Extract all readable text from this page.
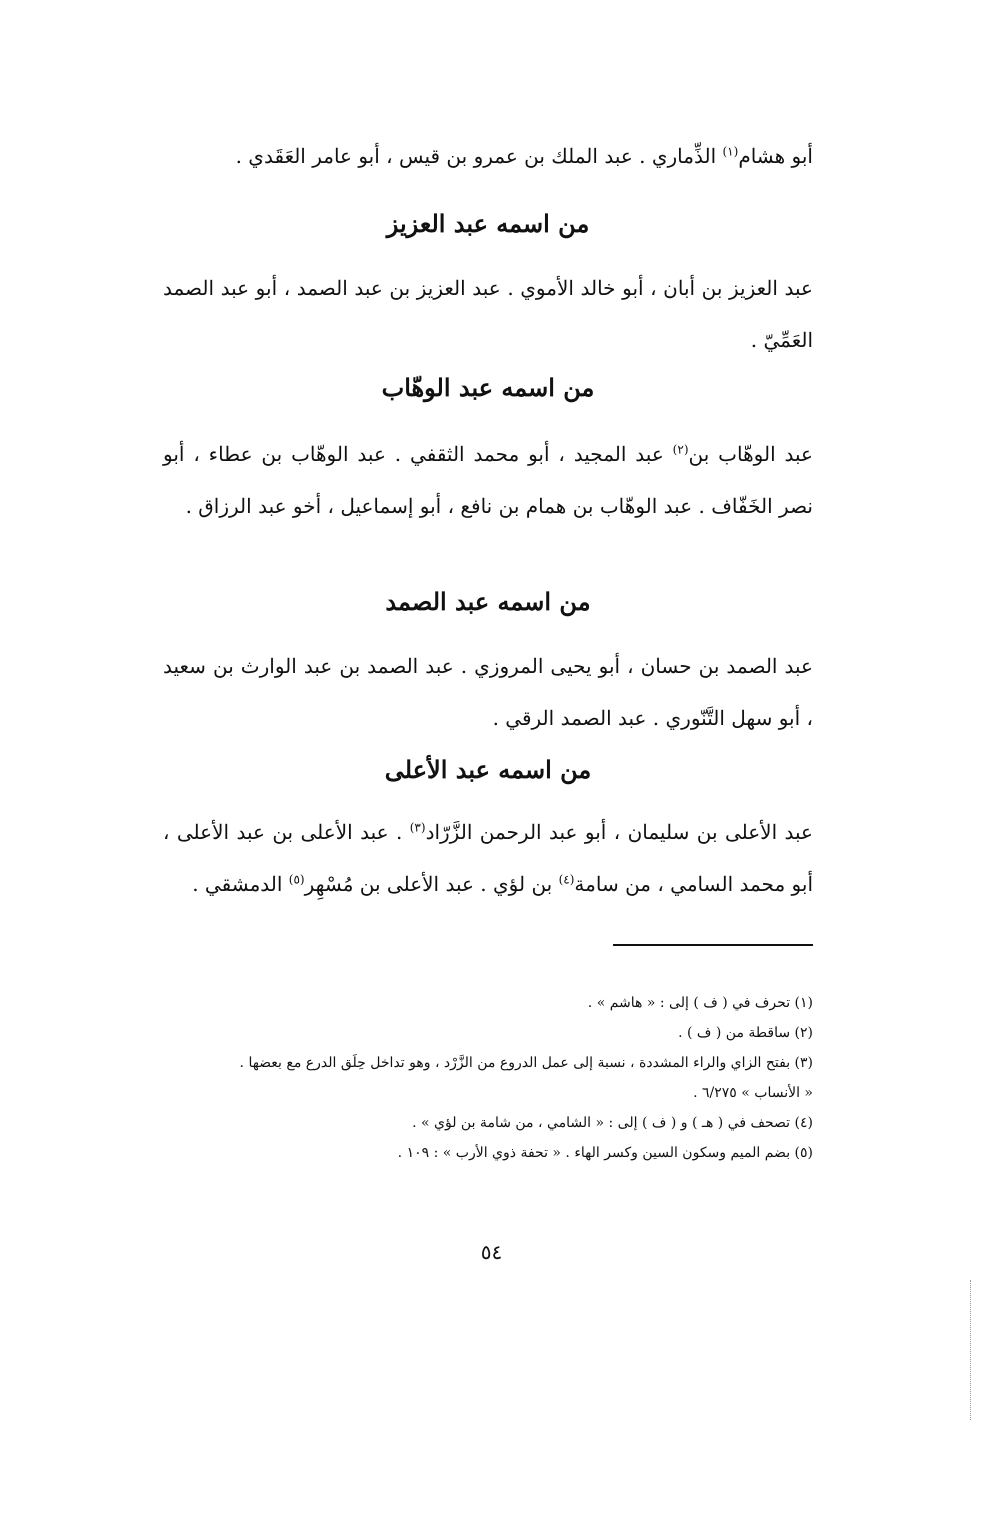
أبو هشام$^{(١)}$ الذِّماري . عبد الملك بن عمرو بن قيس ، أبو عامر العَقَدي .

من اسمه عبد العزيز

عبد العزيز بن أبان ، أبو خالد الأموي . عبد العزيز بن عبد الصمد ، أبو عبد الصمد العَمِّيّ .

من اسمه عبد الوهّاب

عبد الوهّاب بن$^{(٢)}$ عبد المجيد ، أبو محمد الثقفي . عبد الوهّاب بن عطاء ، أبو نصر الخَفّاف . عبد الوهّاب بن همام بن نافع ، أبو إسماعيل ، أخو عبد الرزاق .

من اسمه عبد الصمد

عبد الصمد بن حسان ، أبو يحيى المروزي . عبد الصمد بن عبد الوارث بن سعيد ، أبو سهل التَّنّوري . عبد الصمد الرقي .

من اسمه عبد الأعلى

عبد الأعلى بن سليمان ، أبو عبد الرحمن الزَّرّاد$^{(٣)}$ . عبد الأعلى بن عبد الأعلى ، أبو محمد السامي ، من سامة$^{(٤)}$ بن لؤي . عبد الأعلى بن مُسْهِر$^{(٥)}$ الدمشقي .

(١) تحرف في ( ف ) إلى : « هاشم » .

(٢) ساقطة من ( ف ) .

(٣) بفتح الزاي والراء المشددة ، نسبة إلى عمل الدروع من الزَّرْد ، وهو تداخل حِلَق الدرع مع بعضها .

« الأنساب » ٦/٢٧٥ .

(٤) تصحف في ( هـ ) و ( ف ) إلى : « الشامي ، من شامة بن لؤي » .

(٥) بضم الميم وسكون السين وكسر الهاء . « تحفة ذوي الأرب » : ١٠٩ .

٥٤
